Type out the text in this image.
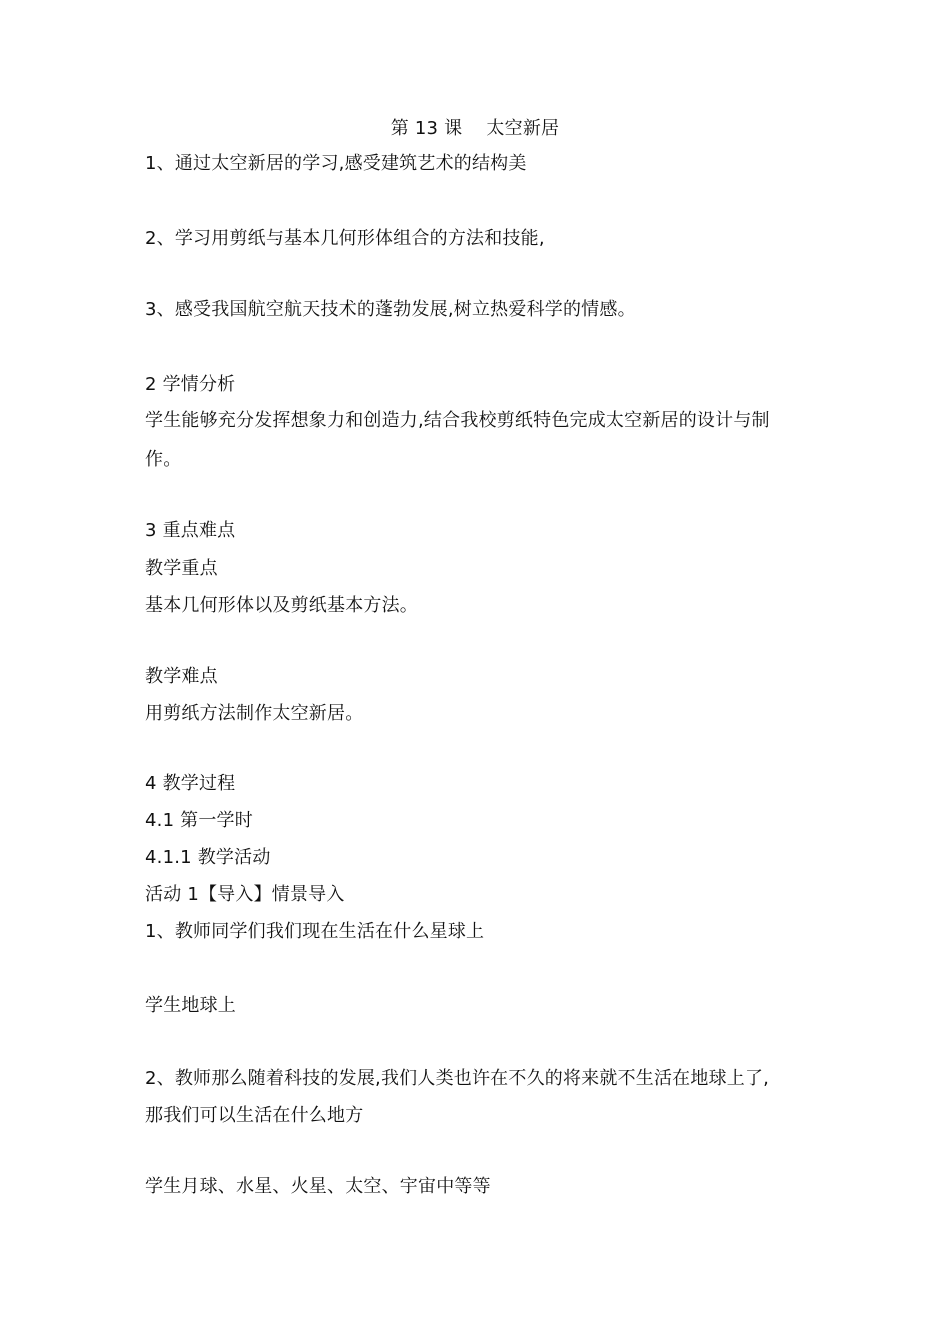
第 13 课　 太空新居
1、通过太空新居的学习,感受建筑艺术的结构美
2、学习用剪纸与基本几何形体组合的方法和技能,
3、感受我国航空航天技术的蓬勃发展,树立热爱科学的情感。
2 学情分析
学生能够充分发挥想象力和创造力,结合我校剪纸特色完成太空新居的设计与制
作。
3 重点难点
教学重点
基本几何形体以及剪纸基本方法。
教学难点
用剪纸方法制作太空新居。
4 教学过程
4.1 第一学时
4.1.1 教学活动
活动 1【导入】情景导入
1、教师同学们我们现在生活在什么星球上
学生地球上
2、教师那么随着科技的发展,我们人类也许在不久的将来就不生活在地球上了,
那我们可以生活在什么地方
学生月球、水星、火星、太空、宇宙中等等
